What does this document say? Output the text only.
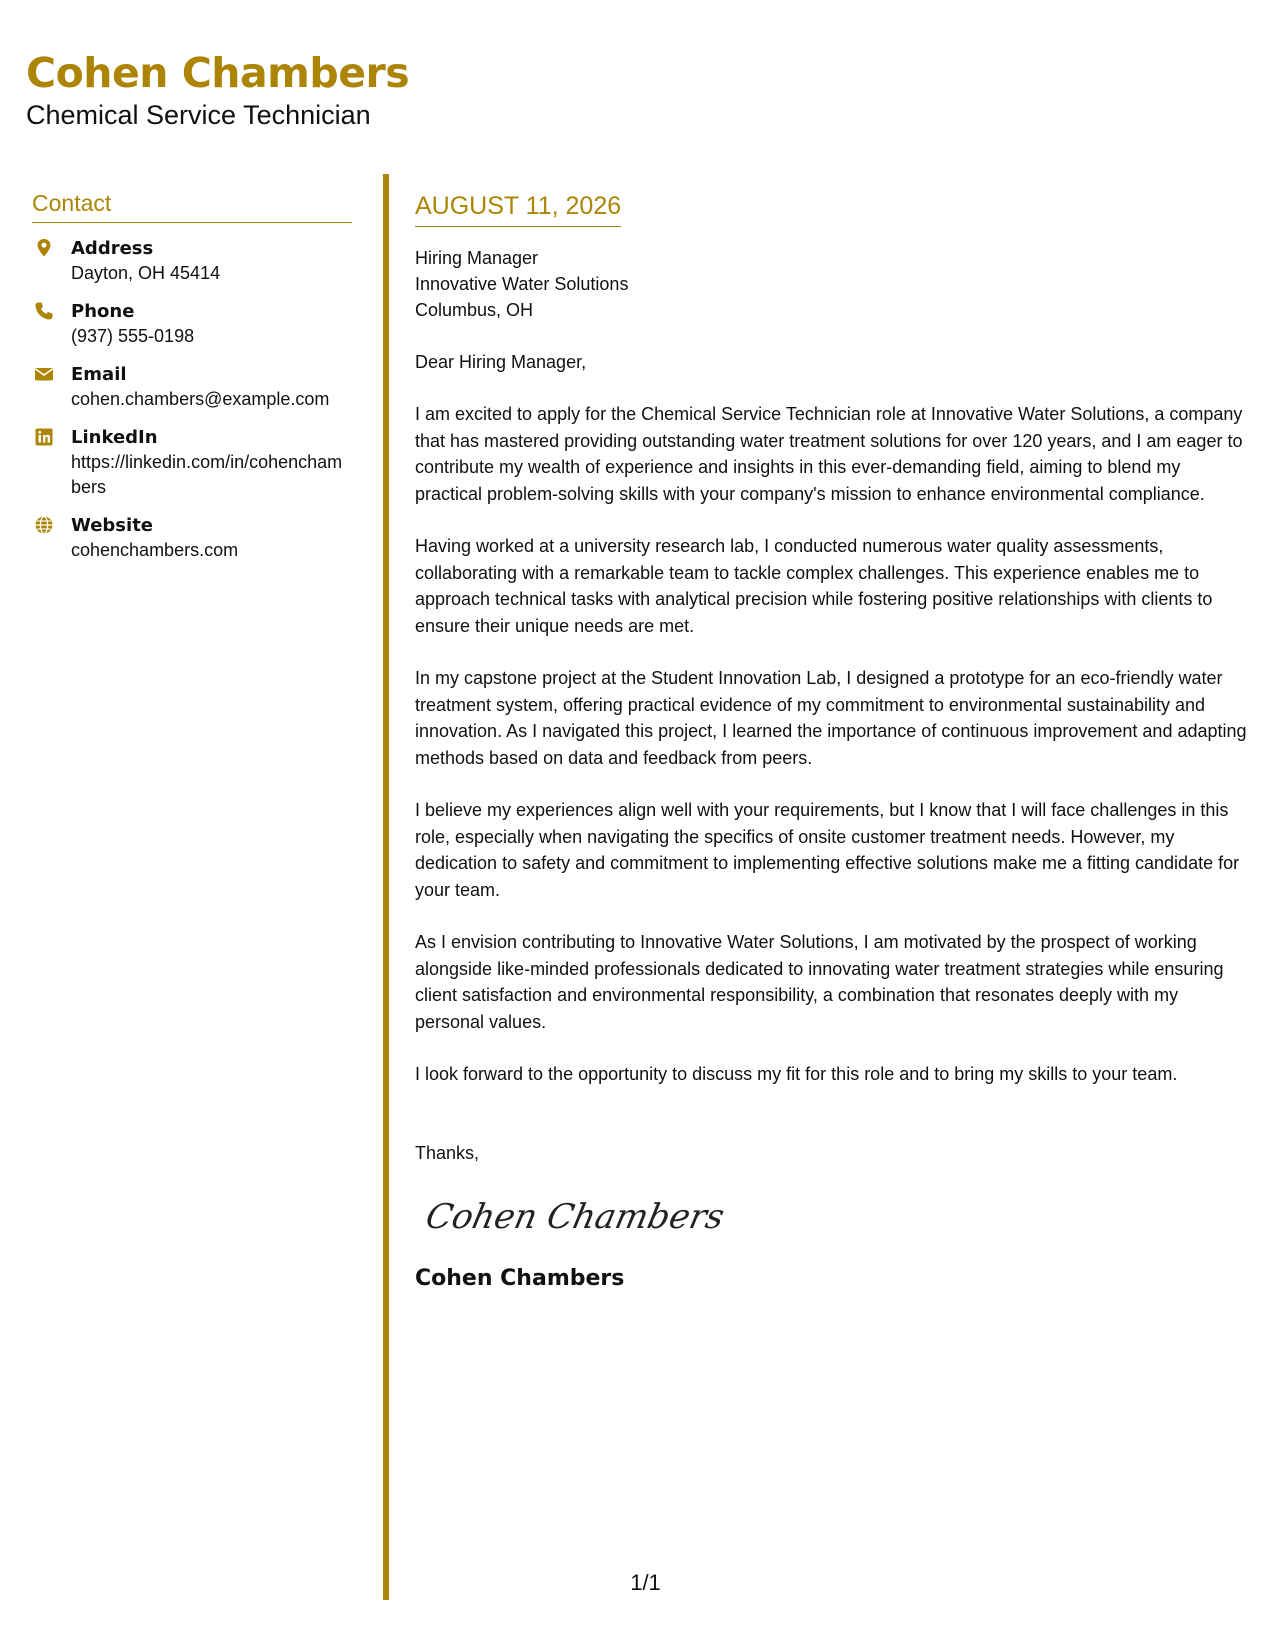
Cohen Chambers
Chemical Service Technician
Contact
Address
Dayton, OH 45414
Phone
(937) 555-0198
Email
cohen.chambers@example.com
LinkedIn
https://linkedin.com/in/cohenchambers
Website
cohenchambers.com
AUGUST 11, 2026
Hiring Manager
Innovative Water Solutions
Columbus, OH
Dear Hiring Manager,
I am excited to apply for the Chemical Service Technician role at Innovative Water Solutions, a company that has mastered providing outstanding water treatment solutions for over 120 years, and I am eager to contribute my wealth of experience and insights in this ever-demanding field, aiming to blend my practical problem-solving skills with your company's mission to enhance environmental compliance.
Having worked at a university research lab, I conducted numerous water quality assessments, collaborating with a remarkable team to tackle complex challenges. This experience enables me to approach technical tasks with analytical precision while fostering positive relationships with clients to ensure their unique needs are met.
In my capstone project at the Student Innovation Lab, I designed a prototype for an eco-friendly water treatment system, offering practical evidence of my commitment to environmental sustainability and innovation. As I navigated this project, I learned the importance of continuous improvement and adapting methods based on data and feedback from peers.
I believe my experiences align well with your requirements, but I know that I will face challenges in this role, especially when navigating the specifics of onsite customer treatment needs. However, my dedication to safety and commitment to implementing effective solutions make me a fitting candidate for your team.
As I envision contributing to Innovative Water Solutions, I am motivated by the prospect of working alongside like-minded professionals dedicated to innovating water treatment strategies while ensuring client satisfaction and environmental responsibility, a combination that resonates deeply with my personal values.
I look forward to the opportunity to discuss my fit for this role and to bring my skills to your team.
Thanks,
Cohen Chambers
Cohen Chambers
1/1
